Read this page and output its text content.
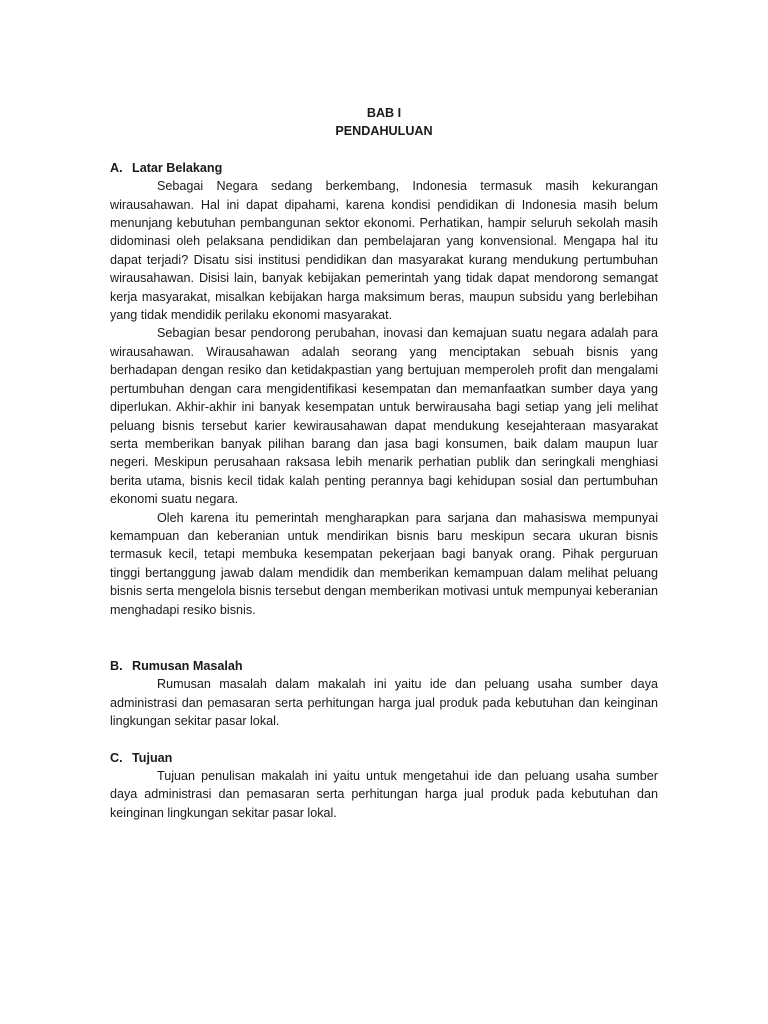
BAB I

PENDAHULUAN

A. Latar Belakang

Sebagai Negara sedang berkembang, Indonesia termasuk masih kekurangan wirausahawan. Hal ini dapat dipahami, karena kondisi pendidikan di Indonesia masih belum menunjang kebutuhan pembangunan sektor ekonomi. Perhatikan, hampir seluruh sekolah masih didominasi oleh pelaksana pendidikan dan pembelajaran yang konvensional. Mengapa hal itu dapat terjadi? Disatu sisi institusi pendidikan dan masyarakat kurang mendukung pertumbuhan wirausahawan. Disisi lain, banyak kebijakan pemerintah yang tidak dapat mendorong semangat kerja masyarakat, misalkan kebijakan harga maksimum beras, maupun subsidu yang berlebihan yang tidak mendidik perilaku ekonomi masyarakat.

Sebagian besar pendorong perubahan, inovasi dan kemajuan suatu negara adalah para wirausahawan. Wirausahawan adalah seorang yang menciptakan sebuah bisnis yang berhadapan dengan resiko dan ketidakpastian yang bertujuan memperoleh profit dan mengalami pertumbuhan dengan cara mengidentifikasi kesempatan dan memanfaatkan sumber daya yang diperlukan. Akhir-akhir ini banyak kesempatan untuk berwirausaha bagi setiap yang jeli melihat peluang bisnis tersebut karier kewirausahawan dapat mendukung kesejahteraan masyarakat serta memberikan banyak pilihan barang dan jasa bagi konsumen, baik dalam maupun luar negeri. Meskipun perusahaan raksasa lebih menarik perhatian publik dan seringkali menghiasi berita utama, bisnis kecil tidak kalah penting perannya bagi kehidupan sosial dan pertumbuhan ekonomi suatu negara.

Oleh karena itu pemerintah mengharapkan para sarjana dan mahasiswa mempunyai kemampuan dan keberanian untuk mendirikan bisnis baru meskipun secara ukuran bisnis termasuk kecil, tetapi membuka kesempatan pekerjaan bagi banyak orang. Pihak perguruan tinggi bertanggung jawab dalam mendidik dan memberikan kemampuan dalam melihat peluang bisnis serta mengelola bisnis tersebut dengan memberikan motivasi untuk mempunyai keberanian menghadapi resiko bisnis.

B. Rumusan Masalah

Rumusan masalah dalam makalah ini yaitu ide dan peluang usaha sumber daya administrasi dan pemasaran serta perhitungan harga jual produk pada kebutuhan dan keinginan lingkungan sekitar pasar lokal.

C. Tujuan

Tujuan penulisan makalah ini yaitu untuk mengetahui ide dan peluang usaha sumber daya administrasi dan pemasaran serta perhitungan harga jual produk pada kebutuhan dan keinginan lingkungan sekitar pasar lokal.
